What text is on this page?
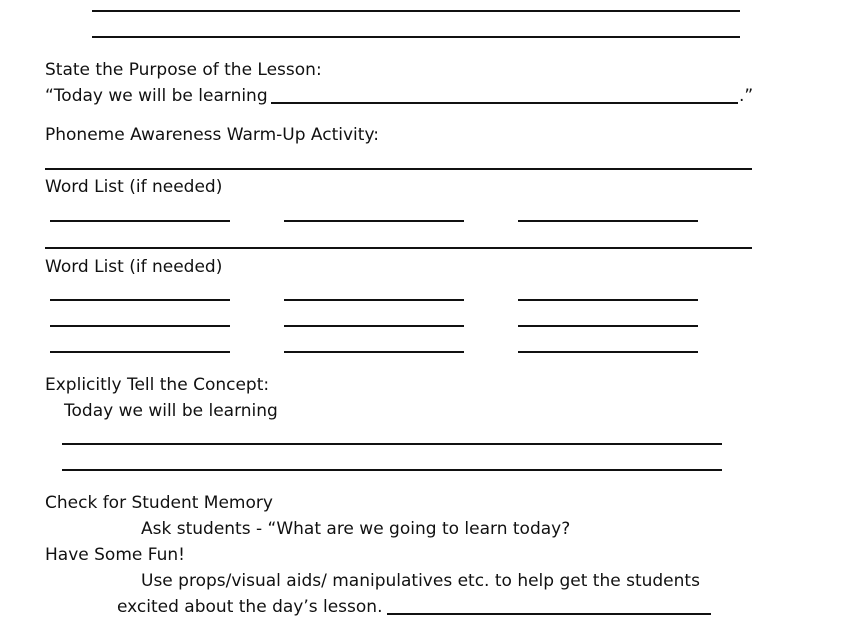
State the Purpose of the Lesson:
“Today we will be learning	.”
Phoneme Awareness Warm-Up Activity:
Word List (if needed)
Word List (if needed)
Explicitly Tell the Concept:
Today we will be learning
Check for Student Memory
Ask students - “What are we going to learn today?
Have Some Fun!
Use props/visual aids/ manipulatives etc. to help get the students
excited about the day’s lesson.
